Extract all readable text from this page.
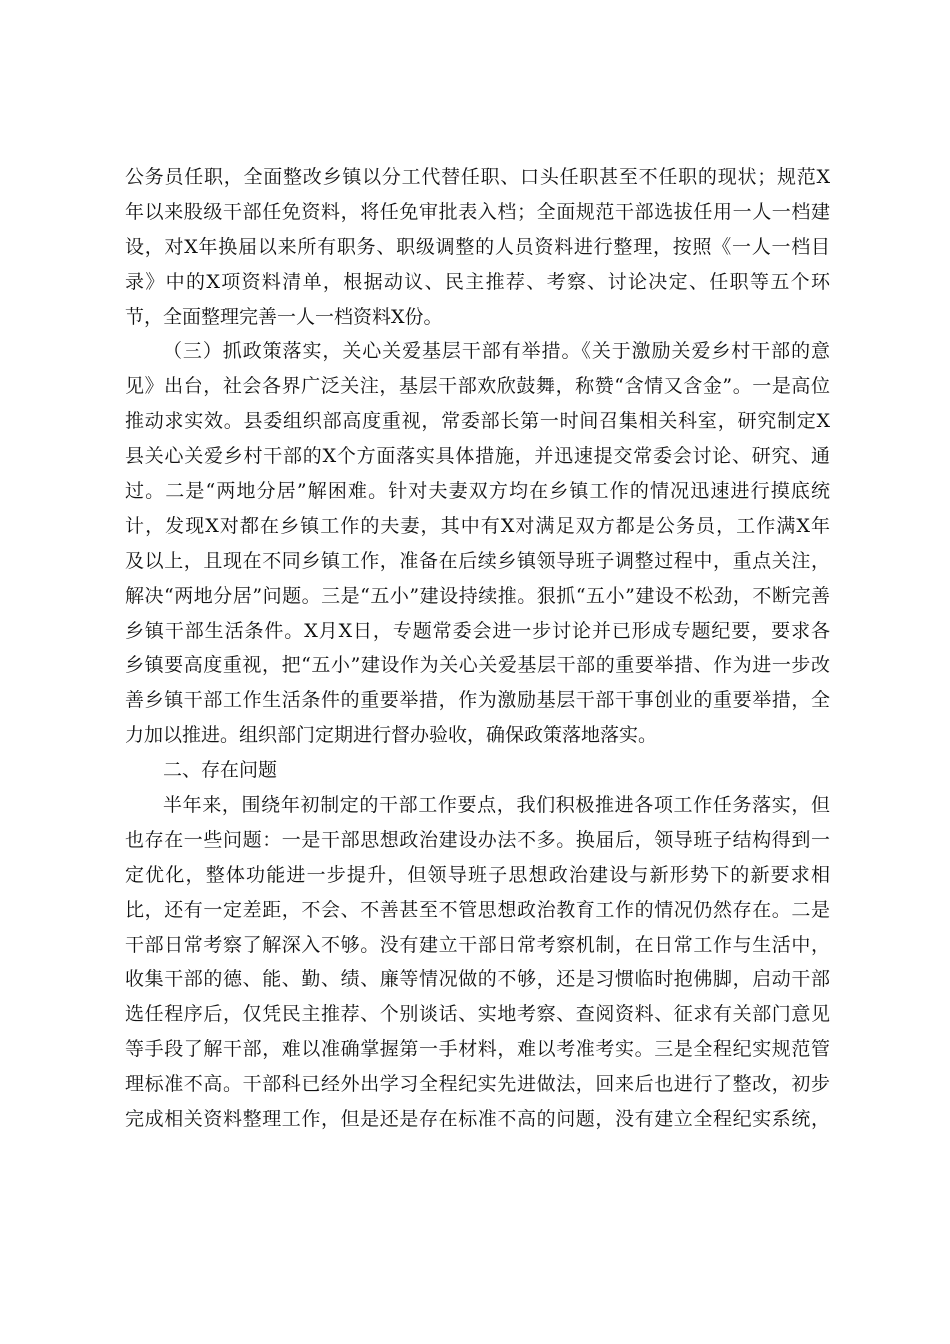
公务员任职，全面整改乡镇以分工代替任职、口头任职甚至不任职的现状；规范X
年以来股级干部任免资料，将任免审批表入档；全面规范干部选拔任用一人一档建
设，对X年换届以来所有职务、职级调整的人员资料进行整理，按照《一人一档目
录》中的X项资料清单，根据动议、民主推荐、考察、讨论决定、任职等五个环
节，全面整理完善一人一档资料X份。
（三）抓政策落实，关心关爱基层干部有举措。《关于激励关爱乡村干部的意
见》出台，社会各界广泛关注，基层干部欢欣鼓舞，称赞“含情又含金”。一是高位
推动求实效。县委组织部高度重视，常委部长第一时间召集相关科室，研究制定X
县关心关爱乡村干部的X个方面落实具体措施，并迅速提交常委会讨论、研究、通
过。二是“两地分居”解困难。针对夫妻双方均在乡镇工作的情况迅速进行摸底统
计，发现X对都在乡镇工作的夫妻，其中有X对满足双方都是公务员，工作满X年
及以上，且现在不同乡镇工作，准备在后续乡镇领导班子调整过程中，重点关注，
解决“两地分居”问题。三是“五小”建设持续推。狠抓“五小”建设不松劲，不断完善
乡镇干部生活条件。X月X日，专题常委会进一步讨论并已形成专题纪要，要求各
乡镇要高度重视，把“五小”建设作为关心关爱基层干部的重要举措、作为进一步改
善乡镇干部工作生活条件的重要举措，作为激励基层干部干事创业的重要举措，全
力加以推进。组织部门定期进行督办验收，确保政策落地落实。
二、存在问题
半年来，围绕年初制定的干部工作要点，我们积极推进各项工作任务落实，但
也存在一些问题：一是干部思想政治建设办法不多。换届后，领导班子结构得到一
定优化，整体功能进一步提升，但领导班子思想政治建设与新形势下的新要求相
比，还有一定差距，不会、不善甚至不管思想政治教育工作的情况仍然存在。二是
干部日常考察了解深入不够。没有建立干部日常考察机制，在日常工作与生活中，
收集干部的德、能、勤、绩、廉等情况做的不够，还是习惯临时抱佛脚，启动干部
选任程序后，仅凭民主推荐、个别谈话、实地考察、查阅资料、征求有关部门意见
等手段了解干部，难以准确掌握第一手材料，难以考准考实。三是全程纪实规范管
理标准不高。干部科已经外出学习全程纪实先进做法，回来后也进行了整改，初步
完成相关资料整理工作，但是还是存在标准不高的问题，没有建立全程纪实系统，
